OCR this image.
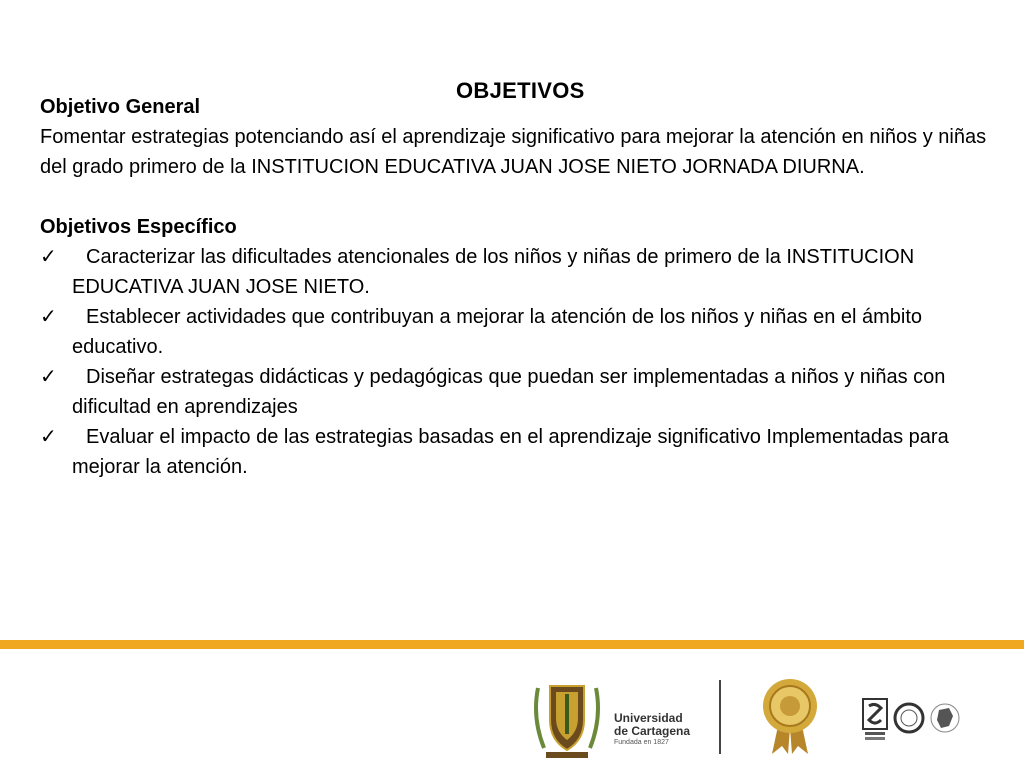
OBJETIVOS
Objetivo General

Fomentar estrategias potenciando así el aprendizaje significativo para mejorar la atención en niños y niñas del grado primero de la INSTITUCION EDUCATIVA JUAN JOSE NIETO JORNADA DIURNA.

Objetivos Específico
✓ Caracterizar las dificultades atencionales de los niños y niñas de primero de la INSTITUCION EDUCATIVA JUAN JOSE NIETO.
✓ Establecer actividades que contribuyan a mejorar la atención de los niños y niñas en el ámbito educativo.
✓ Diseñar estrategas didácticas y pedagógicas que puedan ser implementadas a niños y niñas con dificultad en aprendizajes
✓ Evaluar el impacto de las estrategias basadas en el aprendizaje significativo Implementadas para mejorar la atención.
Universidad
de Cartagena
Fundada en 1827
